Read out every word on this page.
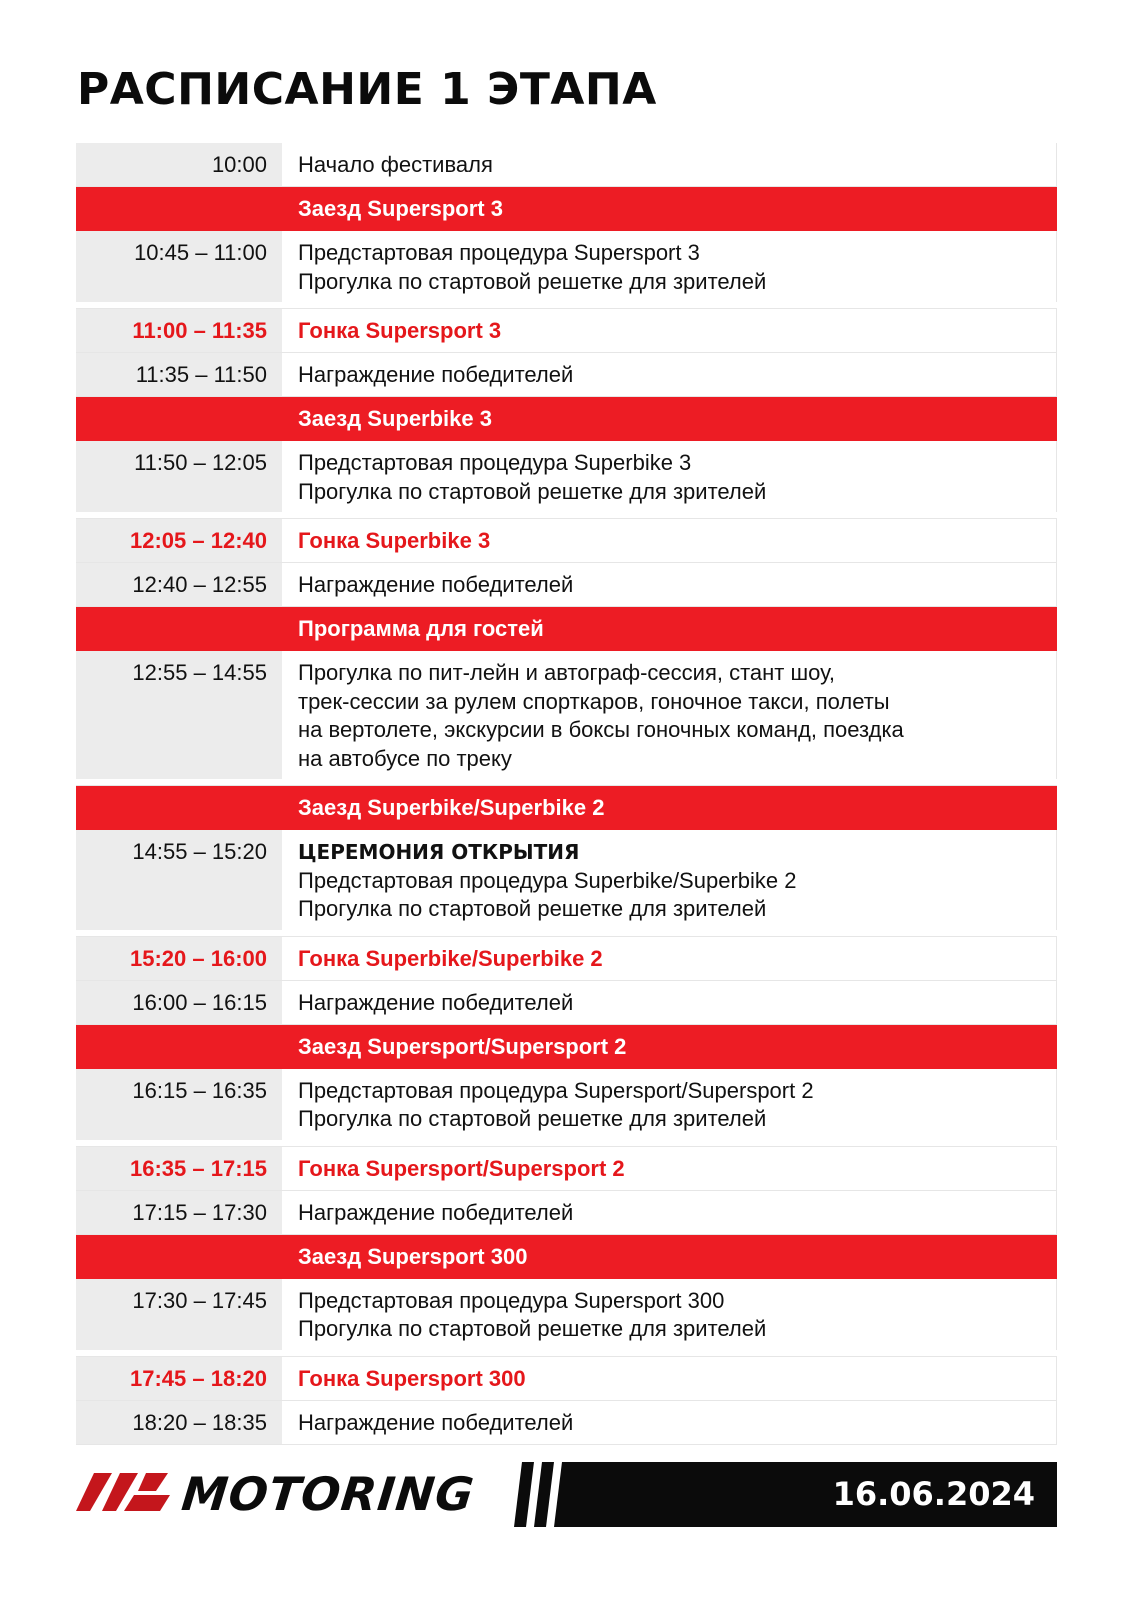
РАСПИСАНИЕ 1 ЭТАПА
10:00	Начало фестиваля
Заезд Supersport 3
10:45 – 11:00	Предстартовая процедура Supersport 3
Прогулка по стартовой решетке для зрителей
11:00 – 11:35	Гонка Supersport 3
11:35 – 11:50	Награждение победителей
Заезд Superbike 3
11:50 – 12:05	Предстартовая процедура Superbike 3
Прогулка по стартовой решетке для зрителей
12:05 – 12:40	Гонка Superbike 3
12:40 – 12:55	Награждение победителей
Программа для гостей
12:55 – 14:55	Прогулка по пит-лейн и автограф-сессия, стант шоу,
трек-сессии за рулем спорткаров, гоночное такси, полеты
на вертолете, экскурсии в боксы гоночных команд, поездка
на автобусе по треку
Заезд Superbike/Superbike 2
14:55 – 15:20	ЦЕРЕМОНИЯ ОТКРЫТИЯ
Предстартовая процедура Superbike/Superbike 2
Прогулка по стартовой решетке для зрителей
15:20 – 16:00	Гонка Superbike/Superbike 2
16:00 – 16:15	Награждение победителей
Заезд Supersport/Supersport 2
16:15 – 16:35	Предстартовая процедура Supersport/Supersport 2
Прогулка по стартовой решетке для зрителей
16:35 – 17:15	Гонка Supersport/Supersport 2
17:15 – 17:30	Награждение победителей
Заезд Supersport 300
17:30 – 17:45	Предстартовая процедура Supersport 300
Прогулка по стартовой решетке для зрителей
17:45 – 18:20	Гонка Supersport 300
18:20 – 18:35	Награждение победителей
MOTORING	16.06.2024
